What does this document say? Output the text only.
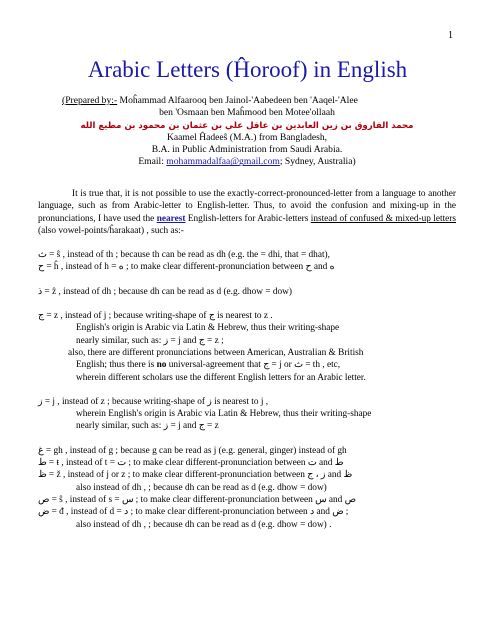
1
Arabic Letters (Ĥoroof) in English
(Prepared by:- Moĥammad Alfaarooq ben Jainol-'Aabedeen ben 'Aaqel-'Alee
ben 'Osmaan ben Maĥmood ben Motee'ollaah
محمد الفاروق بن زين العابدين بن عاقل علي بن عثمان بن محمود بن مطيع الله
Kaamel Ĥadeeŝ (M.A.) from Bangladesh,
B.A. in Public Administration from Saudi Arabia.
Email: mohammadalfaa@gmail.com; Sydney, Australia)

It is true that, it is not possible to use the exactly-correct-pronounced-letter from a language to another language, such as from Arabic-letter to English-letter. Thus, to avoid the confusion and mixing-up in the pronunciations, I have used the nearest English-letters for Arabic-letters instead of confused & mixed-up letters (also vowel-points/ĥarakaat) , such as:-

ث = ŝ , instead of th ; because th can be read as dh (e.g. the = dhi, that = dhat),

ح = ĥ , instead of h = ه ; to make clear different-pronunciation between ح and ه

ذ = ẑ , instead of dh ; because dh can be read as d (e.g. dhow = dow)

ج = z , instead of j ; because writing-shape of ج is nearest to z .

English's origin is Arabic via Latin & Hebrew, thus their writing-shape

nearly similar, such as: ز = j and ج = z ;

also, there are different pronunciations between American, Australian & British

English; thus there is no universal-agreement that ج = j or ث = th , etc,

wherein different scholars use the different English letters for an Arabic letter.

ز = j , instead of z ; because writing-shape of ز is nearest to j ,

wherein English's origin is Arabic via Latin & Hebrew, thus their writing-shape

nearly similar, such as: ز = j and ج = z

غ = gh , instead of g ; because g can be read as j (e.g. general, ginger) instead of gh

ط = ŧ , instead of t = ت ; to make clear different-pronunciation between ت and ط

ظ = ž , instead of j or z ; to make clear different-pronunciation between ز ، ج and ظ

also instead of dh , ; because dh can be read as d (e.g. dhow = dow)

ص = ŝ , instead of s = س ; to make clear different-pronunciation between س and ص

ض = đ , instead of d = د ; to make clear different-pronunciation between د and ض ;

also instead of dh , ; because dh can be read as d (e.g. dhow = dow) .
